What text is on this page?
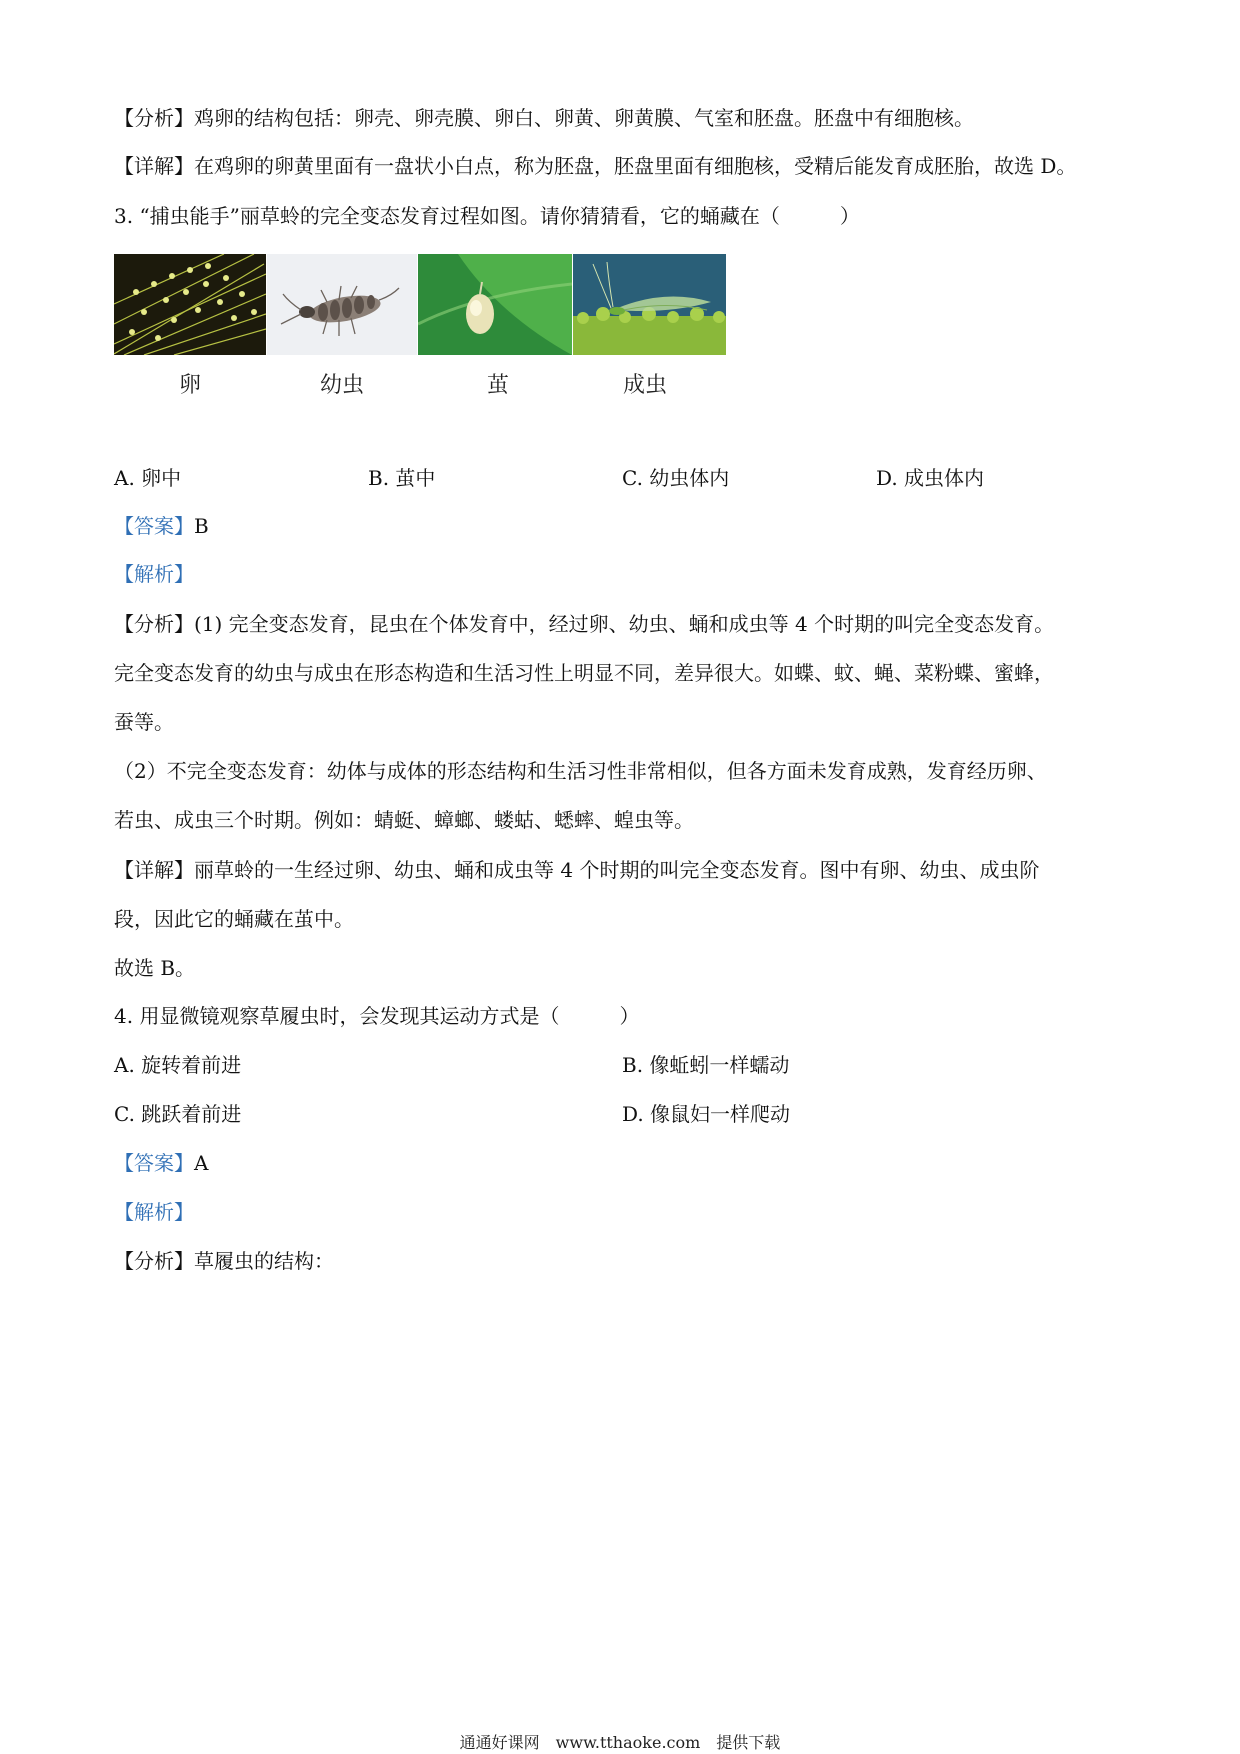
【分析】鸡卵的结构包括：卵壳、卵壳膜、卵白、卵黄、卵黄膜、气室和胚盘。胚盘中有细胞核。
【详解】在鸡卵的卵黄里面有一盘状小白点，称为胚盘，胚盘里面有细胞核，受精后能发育成胚胎，故选 D。
3. “捕虫能手”丽草蛉的完全变态发育过程如图。请你猜猜看，它的蛹藏在（　　　）
卵	幼虫	茧	成虫
A. 卵中	B. 茧中	C. 幼虫体内	D. 成虫体内
【答案】B
【解析】
【分析】(1) 完全变态发育，昆虫在个体发育中，经过卵、幼虫、蛹和成虫等 4 个时期的叫完全变态发育。
完全变态发育的幼虫与成虫在形态构造和生活习性上明显不同，差异很大。如蝶、蚊、蝇、菜粉蝶、蜜蜂，
蚕等。
（2）不完全变态发育：幼体与成体的形态结构和生活习性非常相似，但各方面未发育成熟，发育经历卵、
若虫、成虫三个时期。例如：蜻蜓、蟑螂、蝼蛄、蟋蟀、蝗虫等。
【详解】丽草蛉的一生经过卵、幼虫、蛹和成虫等 4 个时期的叫完全变态发育。图中有卵、幼虫、成虫阶
段，因此它的蛹藏在茧中。
故选 B。
4. 用显微镜观察草履虫时，会发现其运动方式是（　　　）
A. 旋转着前进	B. 像蚯蚓一样蠕动
C. 跳跃着前进	D. 像鼠妇一样爬动
【答案】A
【解析】
【分析】草履虫的结构：
通通好课网　www.tthaoke.com　提供下载
